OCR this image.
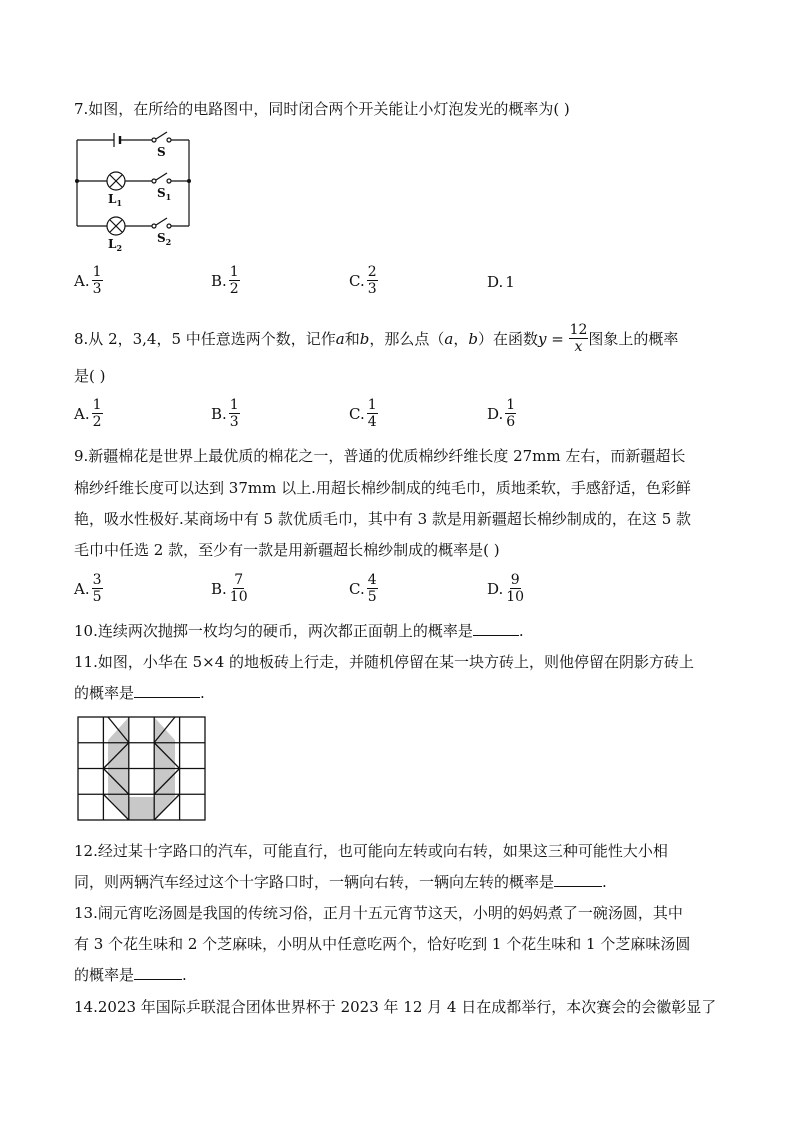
7.如图，在所给的电路图中，同时闭合两个开关能让小灯泡发光的概率为( )
S
$L_1$
$S_1$
$L_2$
$S_2$
A. $\frac{1}{3}$	B. $\frac{1}{2}$	C. $\frac{2}{3}$	D. 1
8.从 2，3,4，5 中任意选两个数，记作 a 和 b ，那么点（ a ， b ）在函数 $y = \frac{12}{x}$ 图象上的概率
是( )
A. $\frac{1}{2}$	B. $\frac{1}{3}$	C. $\frac{1}{4}$	D. $\frac{1}{6}$
9.新疆棉花是世界上最优质的棉花之一，普通的优质棉纱纤维长度 27mm 左右，而新疆超长
棉纱纤维长度可以达到 37mm 以上.用超长棉纱制成的纯毛巾，质地柔软，手感舒适，色彩鲜
艳，吸水性极好.某商场中有 5 款优质毛巾，其中有 3 款是用新疆超长棉纱制成的，在这 5 款
毛巾中任选 2 款，至少有一款是用新疆超长棉纱制成的概率是( )
A. $\frac{3}{5}$	B. $\frac{7}{10}$	C. $\frac{4}{5}$	D. $\frac{9}{10}$
10.连续两次抛掷一枚均匀的硬币，两次都正面朝上的概率是	.
11.如图，小华在 5×4 的地板砖上行走，并随机停留在某一块方砖上，则他停留在阴影方砖上
的概率是	.
12.经过某十字路口的汽车，可能直行，也可能向左转或向右转，如果这三种可能性大小相
同，则两辆汽车经过这个十字路口时，一辆向右转，一辆向左转的概率是	.
13.闹元宵吃汤圆是我国的传统习俗，正月十五元宵节这天，小明的妈妈煮了一碗汤圆，其中
有 3 个花生味和 2 个芝麻味，小明从中任意吃两个，恰好吃到 1 个花生味和 1 个芝麻味汤圆
的概率是	.
14.2023 年国际乒联混合团体世界杯于 2023 年 12 月 4 日在成都举行，本次赛会的会徽彰显了
